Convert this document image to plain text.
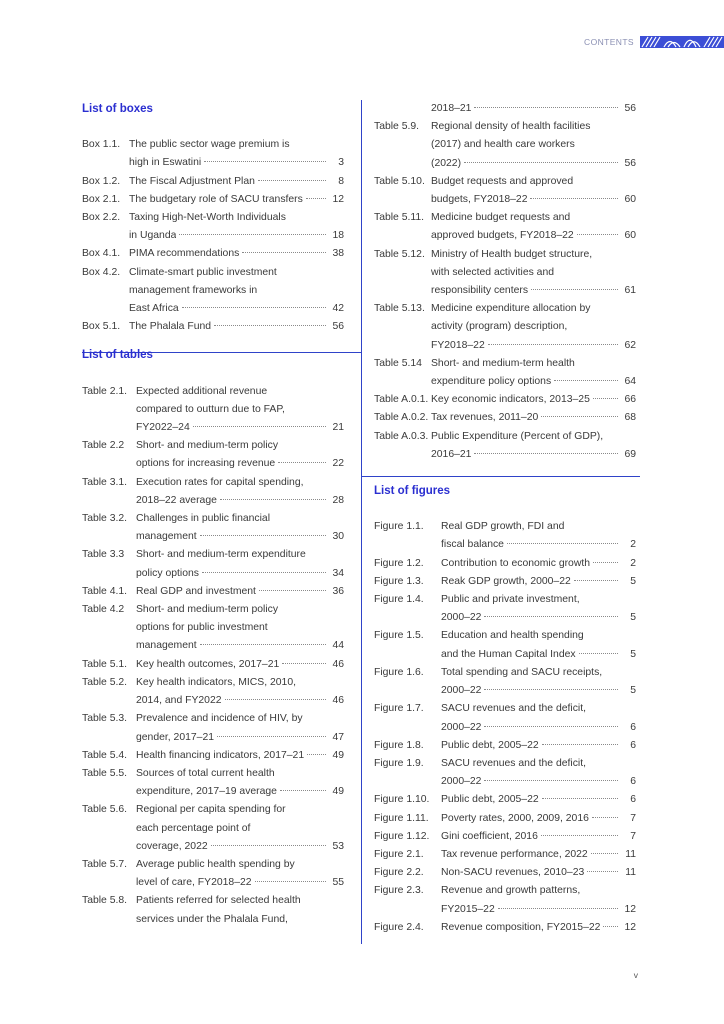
CONTENTS
List of boxes
Box 1.1. The public sector wage premium is
high in Eswatini	3
Box 1.2. The Fiscal Adjustment Plan	8
Box 2.1. The budgetary role of SACU transfers	12
Box 2.2. Taxing High-Net-Worth Individuals
in Uganda	18
Box 4.1. PIMA recommendations	38
Box 4.2. Climate-smart public investment
management frameworks in
East Africa	42
Box 5.1. The Phalala Fund	56
List of tables
Table 2.1. Expected additional revenue
compared to outturn due to FAP,
FY2022–24	21
Table 2.2	Short- and medium-term policy
options for increasing revenue	22
Table 3.1. Execution rates for capital spending,
2018–22 average	28
Table 3.2. Challenges in public financial
management	30
Table 3.3	Short- and medium-term expenditure
policy options	34
Table 4.1. Real GDP and investment	36
Table 4.2	Short- and medium-term policy
options for public investment
management	44
Table 5.1. Key health outcomes, 2017–21	46
Table 5.2. Key health indicators, MICS, 2010,
2014, and FY2022	46
Table 5.3. Prevalence and incidence of HIV, by
gender, 2017–21	47
Table 5.4. Health financing indicators, 2017–21	49
Table 5.5. Sources of total current health
expenditure, 2017–19 average	49
Table 5.6. Regional per capita spending for
each percentage point of
coverage, 2022	53
Table 5.7. Average public health spending by
level of care, FY2018–22	55
Table 5.8. Patients referred for selected health
services under the Phalala Fund,
2018–21	56
Table 5.9.	Regional density of health facilities
(2017) and health care workers
(2022)	56
Table 5.10. Budget requests and approved
budgets, FY2018–22	60
Table 5.11. Medicine budget requests and
approved budgets, FY2018–22	60
Table 5.12. Ministry of Health budget structure,
with selected activities and
responsibility centers	61
Table 5.13. Medicine expenditure allocation by
activity (program) description,
FY2018–22	62
Table 5.14 Short- and medium-term health
expenditure policy options	64
Table A.0.1. Key economic indicators, 2013–25	66
Table A.0.2. Tax revenues, 2011–20	68
Table A.0.3. Public Expenditure (Percent of GDP),
2016–21	69
List of figures
Figure 1.1.	Real GDP growth, FDI and
fiscal balance	2
Figure 1.2.	Contribution to economic growth	2
Figure 1.3.	Reak GDP growth, 2000–22	5
Figure 1.4.	Public and private investment,
2000–22	5
Figure 1.5.	Education and health spending
and the Human Capital Index	5
Figure 1.6.	Total spending and SACU receipts,
2000–22	5
Figure 1.7.	SACU revenues and the deficit,
2000–22	6
Figure 1.8.	Public debt, 2005–22	6
Figure 1.9.	SACU revenues and the deficit,
2000–22	6
Figure 1.10.	Public debt, 2005–22	6
Figure 1.11.	Poverty rates, 2000, 2009, 2016	7
Figure 1.12.	Gini coefficient, 2016	7
Figure 2.1.	Tax revenue performance, 2022	11
Figure 2.2.	Non-SACU revenues, 2010–23	11
Figure 2.3.	Revenue and growth patterns,
FY2015–22	12
Figure 2.4.	Revenue composition, FY2015–22 12
v
